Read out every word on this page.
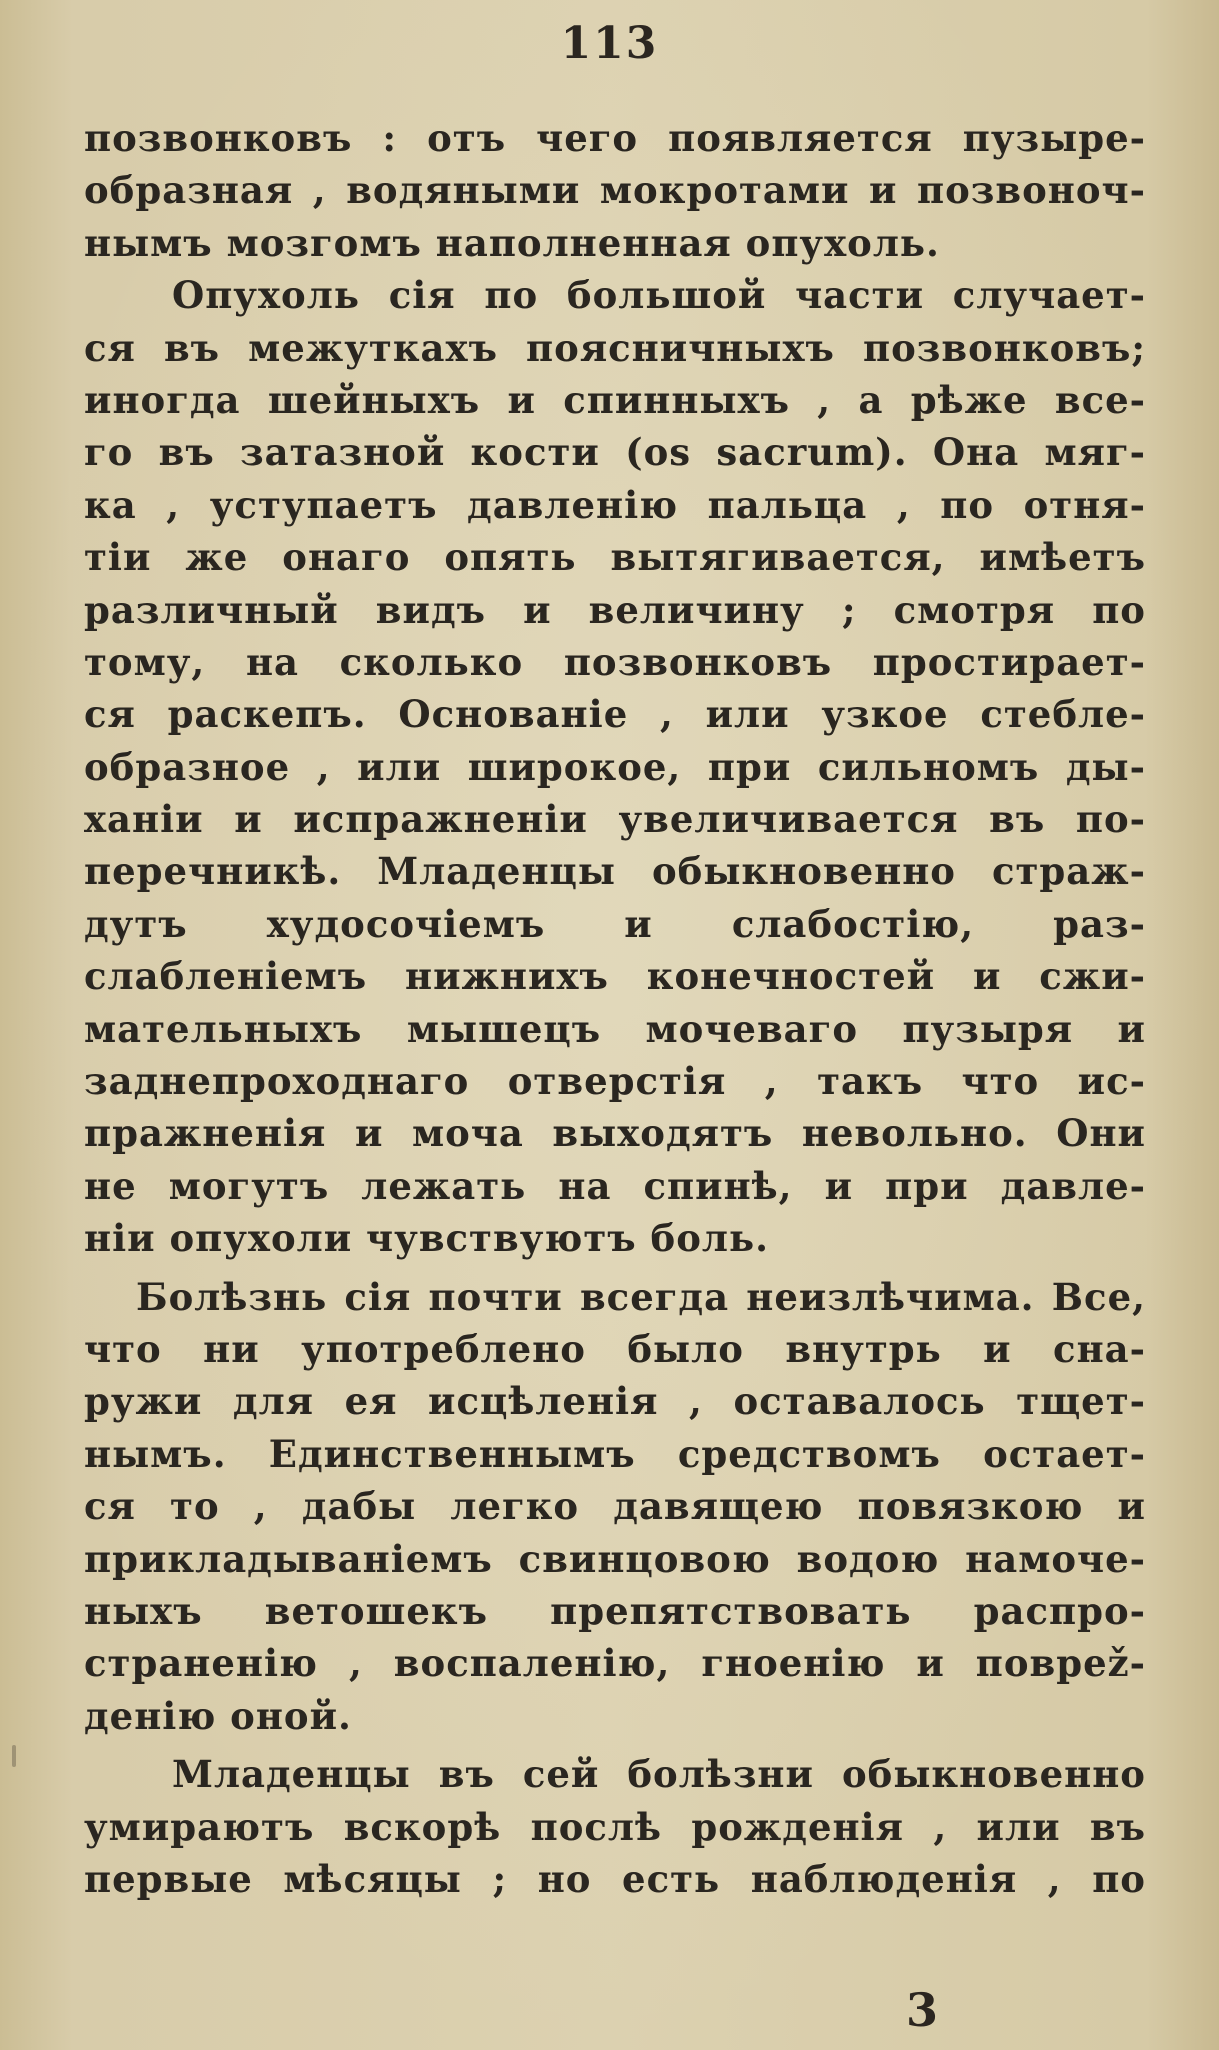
113
позвонковъ : отъ чего появляется пузыре-
образная , водяными мокротами и позвоноч-
нымъ мозгомъ наполненная опухоль.
Опухоль сія по большой части случает-
ся въ межуткахъ поясничныхъ позвонковъ;
иногда шейныхъ и спинныхъ , а рѣже все-
го въ затазной кости (os sacrum). Она мяг-
ка , уступаетъ давленію пальца , по отня-
тіи же онаго опять вытягивается, имѣетъ
различный видъ и величину ; смотря по
тому, на сколько позвонковъ простирает-
ся раскепъ. Основаніе , или узкое стебле-
образное , или широкое, при сильномъ ды-
ханіи и испражненіи увеличивается въ по-
перечникѣ. Младенцы обыкновенно страж-
дутъ худосочіемъ и слабостію, раз-
слабленіемъ нижнихъ конечностей и сжи-
мательныхъ мышецъ мочеваго пузыря и
заднепроходнаго отверстія , такъ что ис-
пражненія и моча выходятъ невольно. Они
не могутъ лежать на спинѣ, и при давле-
ніи опухоли чувствуютъ боль.
Болѣзнь сія почти всегда неизлѣчима. Все,
что ни употреблено было внутрь и сна-
ружи для ея исцѣленія , оставалось тщет-
нымъ. Единственнымъ средствомъ остает-
ся то , дабы легко давящею повязкою и
прикладываніемъ свинцовою водою намоче-
ныхъ ветошекъ препятствовать распро-
страненію , воспаленію, гноенію и поврež-
денію оной.
Младенцы въ сей болѣзни обыкновенно
умираютъ вскорѣ послѣ рожденія , или въ
первые мѣсяцы ; но есть наблюденія , по
3
